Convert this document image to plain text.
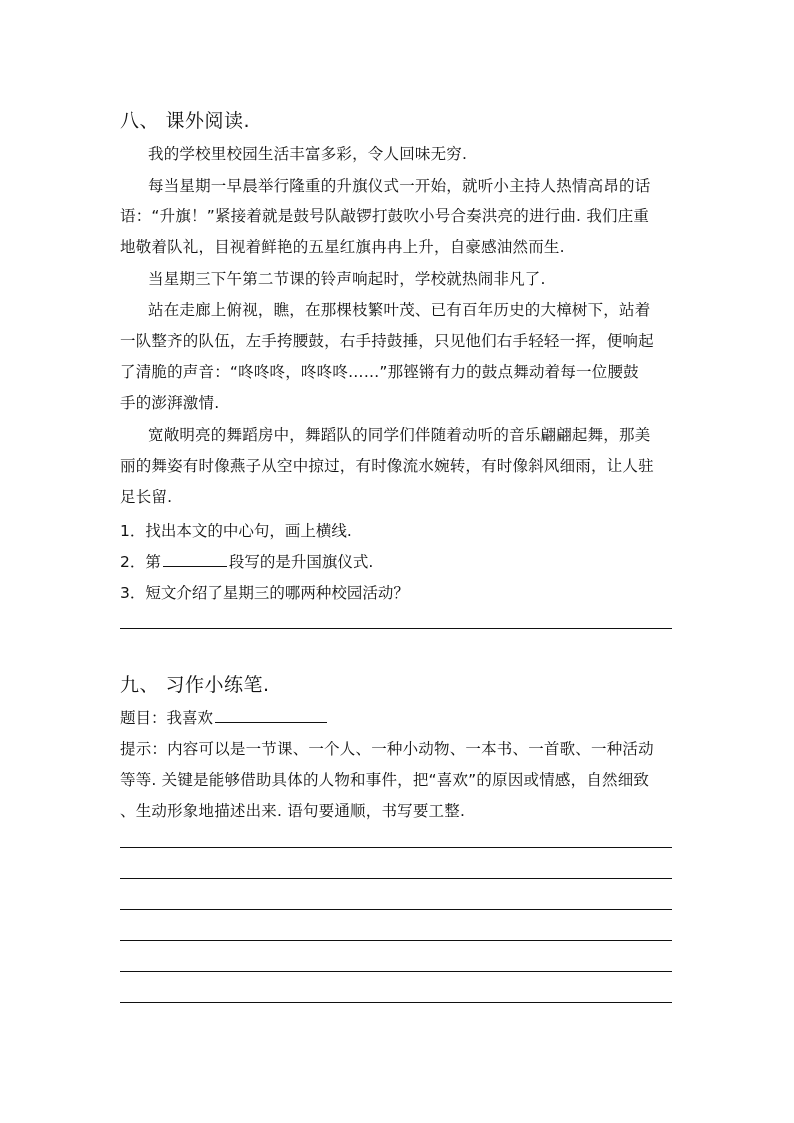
八、 课外阅读.
我的学校里校园生活丰富多彩，令人回味无穷.
每当星期一早晨举行隆重的升旗仪式一开始，就听小主持人热情高昂的话
语：“升旗！”紧接着就是鼓号队敲锣打鼓吹小号合奏洪亮的进行曲. 我们庄重
地敬着队礼，目视着鲜艳的五星红旗冉冉上升，自豪感油然而生.
当星期三下午第二节课的铃声响起时，学校就热闹非凡了.
站在走廊上俯视，瞧，在那棵枝繁叶茂、已有百年历史的大樟树下，站着
一队整齐的队伍，左手挎腰鼓，右手持鼓捶，只见他们右手轻轻一挥，便响起
了清脆的声音：“咚咚咚，咚咚咚……”那铿锵有力的鼓点舞动着每一位腰鼓
手的澎湃激情.
宽敞明亮的舞蹈房中，舞蹈队的同学们伴随着动听的音乐翩翩起舞，那美
丽的舞姿有时像燕子从空中掠过，有时像流水婉转，有时像斜风细雨，让人驻
足长留.
1．找出本文的中心句，画上横线.
2．第	段写的是升国旗仪式.
3．短文介绍了星期三的哪两种校园活动？
九、 习作小练笔.
题目：我喜欢
提示：内容可以是一节课、一个人、一种小动物、一本书、一首歌、一种活动
等等. 关键是能够借助具体的人物和事件，把“喜欢”的原因或情感，自然细致
、生动形象地描述出来. 语句要通顺，书写要工整.
